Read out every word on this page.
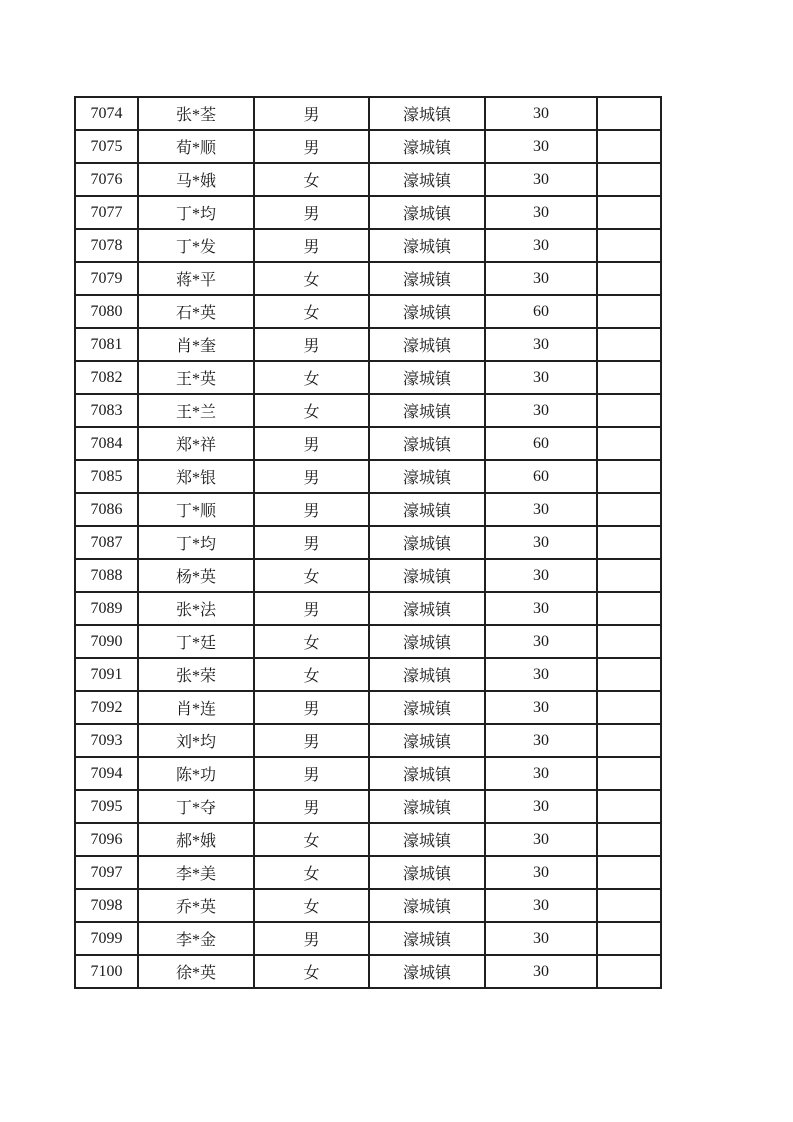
7074	张*荃	男	濠城镇	30	
7075	荀*顺	男	濠城镇	30	
7076	马*娥	女	濠城镇	30	
7077	丁*均	男	濠城镇	30	
7078	丁*发	男	濠城镇	30	
7079	蒋*平	女	濠城镇	30	
7080	石*英	女	濠城镇	60	
7081	肖*奎	男	濠城镇	30	
7082	王*英	女	濠城镇	30	
7083	王*兰	女	濠城镇	30	
7084	郑*祥	男	濠城镇	60	
7085	郑*银	男	濠城镇	60	
7086	丁*顺	男	濠城镇	30	
7087	丁*均	男	濠城镇	30	
7088	杨*英	女	濠城镇	30	
7089	张*法	男	濠城镇	30	
7090	丁*廷	女	濠城镇	30	
7091	张*荣	女	濠城镇	30	
7092	肖*连	男	濠城镇	30	
7093	刘*均	男	濠城镇	30	
7094	陈*功	男	濠城镇	30	
7095	丁*夺	男	濠城镇	30	
7096	郝*娥	女	濠城镇	30	
7097	李*美	女	濠城镇	30	
7098	乔*英	女	濠城镇	30	
7099	李*金	男	濠城镇	30	
7100	徐*英	女	濠城镇	30	
